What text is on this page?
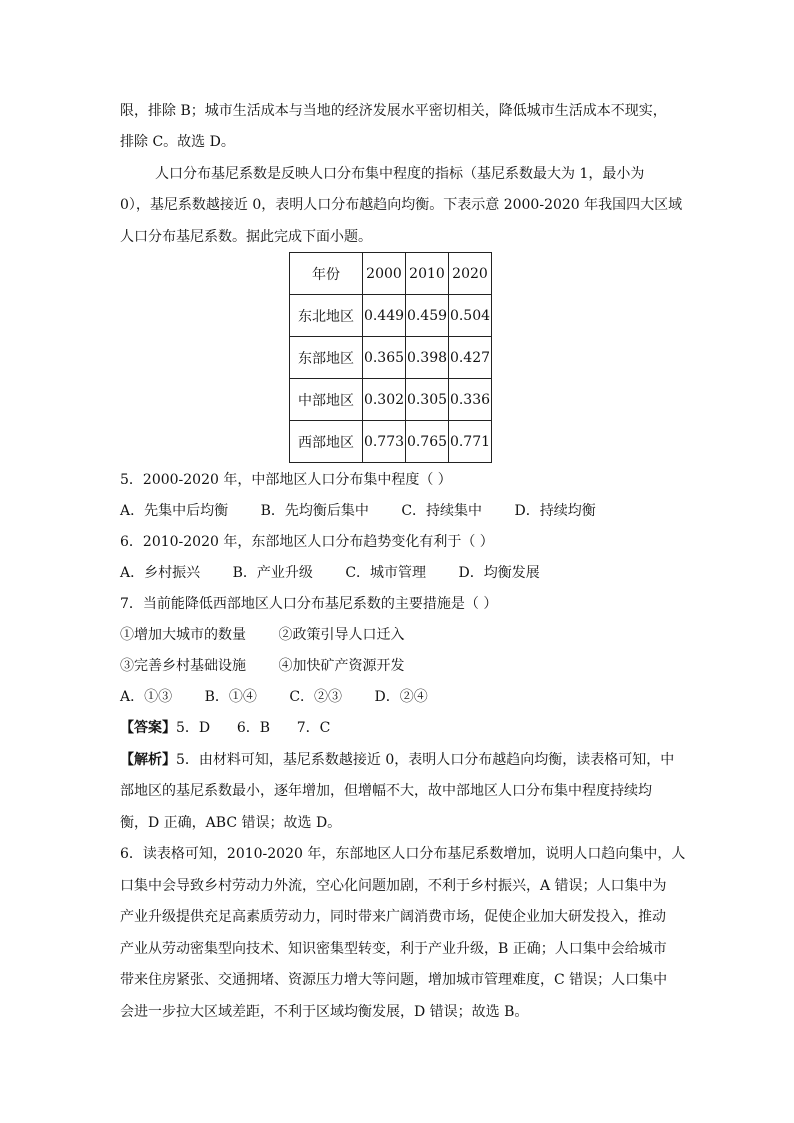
限，排除 B；城市生活成本与当地的经济发展水平密切相关，降低城市生活成本不现实，
排除 C。故选 D。
人口分布基尼系数是反映人口分布集中程度的指标（基尼系数最大为 1，最小为
0），基尼系数越接近 0，表明人口分布越趋向均衡。下表示意 2000-2020 年我国四大区域
人口分布基尼系数。据此完成下面小题。
年份	2000	2010	2020
东北地区	0.449	0.459	0.504
东部地区	0.365	0.398	0.427
中部地区	0.302	0.305	0.336
西部地区	0.773	0.765	0.771
5．2000-2020 年，中部地区人口分布集中程度（ ）
A．先集中后均衡 B．先均衡后集中 C．持续集中 D．持续均衡
6．2010-2020 年，东部地区人口分布趋势变化有利于（ ）
A．乡村振兴 B．产业升级 C．城市管理 D．均衡发展
7．当前能降低西部地区人口分布基尼系数的主要措施是（ ）
①增加大城市的数量 ②政策引导人口迁入
③完善乡村基础设施 ④加快矿产资源开发
A．①③ B．①④ C．②③ D．②④
【答案】5．D      6．B      7．C
【解析】5．由材料可知，基尼系数越接近 0，表明人口分布越趋向均衡，读表格可知，中
部地区的基尼系数最小，逐年增加，但增幅不大，故中部地区人口分布集中程度持续均
衡，D 正确，ABC 错误；故选 D。
6．读表格可知，2010-2020 年，东部地区人口分布基尼系数增加，说明人口趋向集中，人
口集中会导致乡村劳动力外流，空心化问题加剧，不利于乡村振兴，A 错误；人口集中为
产业升级提供充足高素质劳动力，同时带来广阔消费市场，促使企业加大研发投入，推动
产业从劳动密集型向技术、知识密集型转变，利于产业升级，B 正确；人口集中会给城市
带来住房紧张、交通拥堵、资源压力增大等问题，增加城市管理难度，C 错误；人口集中
会进一步拉大区域差距，不利于区域均衡发展，D 错误；故选 B。
